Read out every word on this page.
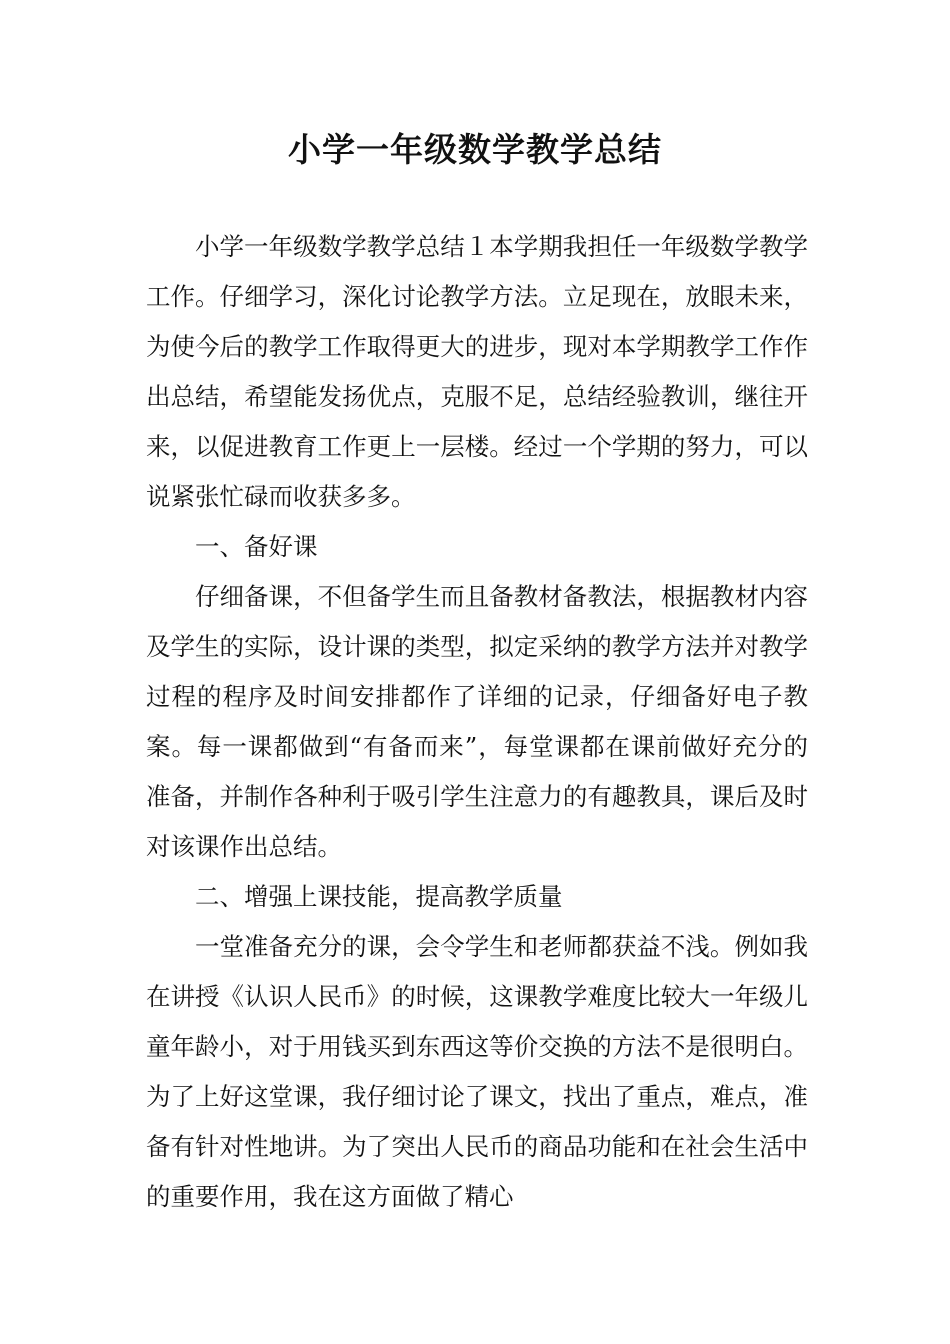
小学一年级数学教学总结

小学一年级数学教学总结１本学期我担任一年级数学教学工作。仔细学习，深化讨论教学方法。立足现在，放眼未来，为使今后的教学工作取得更大的进步，现对本学期教学工作作出总结，希望能发扬优点，克服不足，总结经验教训，继往开来，以促进教育工作更上一层楼。经过一个学期的努力，可以说紧张忙碌而收获多多。

一、备好课

仔细备课，不但备学生而且备教材备教法，根据教材内容及学生的实际，设计课的类型，拟定采纳的教学方法并对教学过程的程序及时间安排都作了详细的记录，仔细备好电子教案。每一课都做到“有备而来”，每堂课都在课前做好充分的准备，并制作各种利于吸引学生注意力的有趣教具，课后及时对该课作出总结。

二、增强上课技能，提高教学质量

一堂准备充分的课，会令学生和老师都获益不浅。例如我在讲授《认识人民币》的时候，这课教学难度比较大一年级儿童年龄小，对于用钱买到东西这等价交换的方法不是很明白。为了上好这堂课，我仔细讨论了课文，找出了重点，难点，准备有针对性地讲。为了突出人民币的商品功能和在社会生活中的重要作用，我在这方面做了精心
